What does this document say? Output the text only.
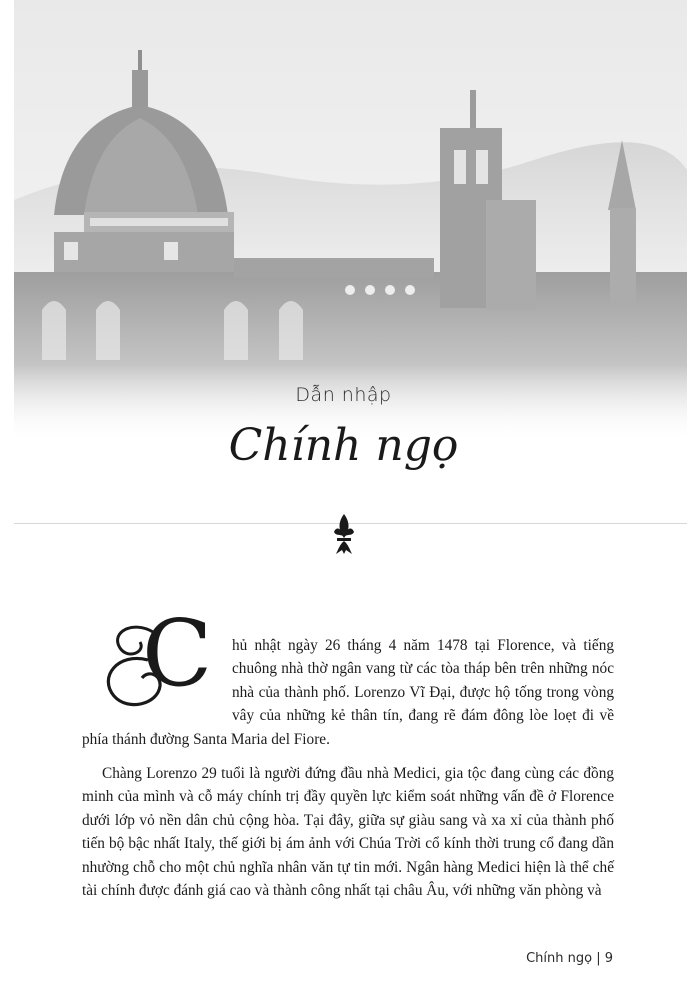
Dẫn nhập
Chính ngọ

C hủ nhật ngày 26 tháng 4 năm 1478 tại Florence, và tiếng chuông nhà thờ ngân vang từ các tòa tháp bên trên những nóc nhà của thành phố. Lorenzo Vĩ Đại, được hộ tống trong vòng vây của những kẻ thân tín, đang rẽ đám đông lòe loẹt đi về phía thánh đường Santa Maria del Fiore.

Chàng Lorenzo 29 tuổi là người đứng đầu nhà Medici, gia tộc đang cùng các đồng minh của mình và cỗ máy chính trị đầy quyền lực kiểm soát những vấn đề ở Florence dưới lớp vỏ nền dân chủ cộng hòa. Tại đây, giữa sự giàu sang và xa xỉ của thành phố tiến bộ bậc nhất Italy, thế giới bị ám ảnh với Chúa Trời cổ kính thời trung cổ đang dần nhường chỗ cho một chủ nghĩa nhân văn tự tin mới. Ngân hàng Medici hiện là thể chế tài chính được đánh giá cao và thành công nhất tại châu Âu, với những văn phòng và

Chính ngọ | 9
